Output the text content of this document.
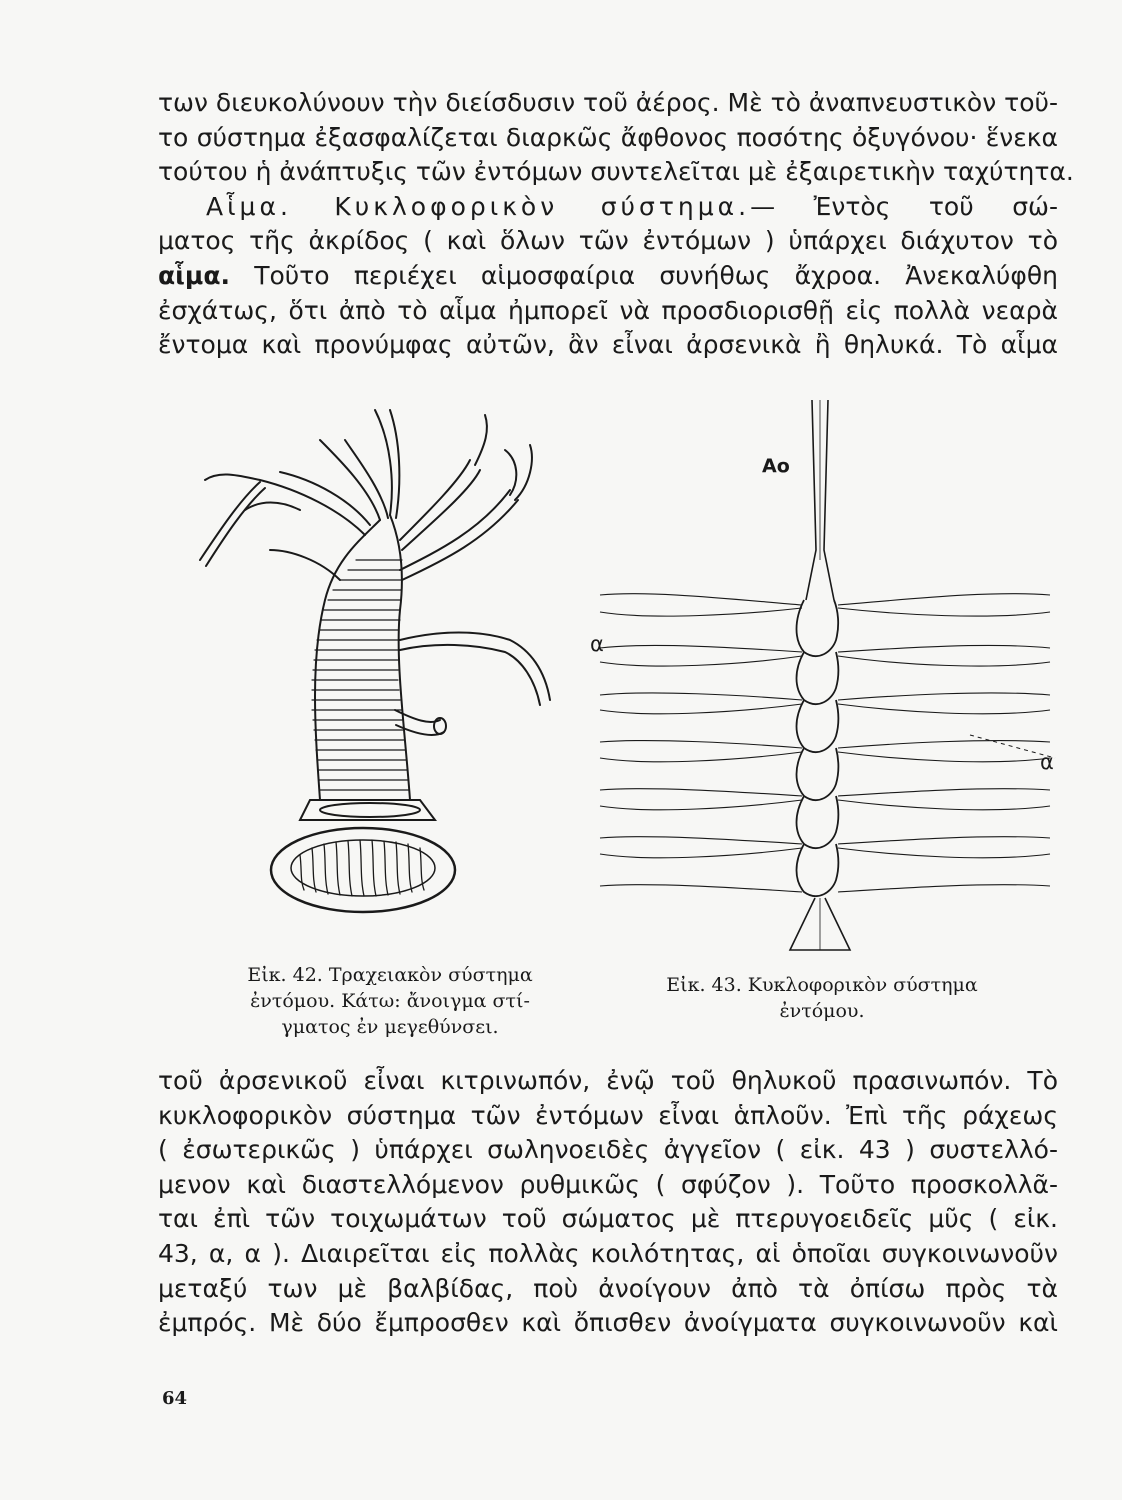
των διευκολύνουν τὴν διείσδυσιν τοῦ ἀέρος. Μὲ τὸ ἀναπνευστικὸν τοῦ-
το σύστημα ἐξασφαλίζεται διαρκῶς ἄφθονος ποσότης ὀξυγόνου· ἕνεκα
τούτου ἡ ἀνάπτυξις τῶν ἐντόμων συντελεῖται μὲ ἐξαιρετικὴν ταχύτητα.
Αἷμα. Κυκλοφορικὸν σύστημα.— Ἐντὸς τοῦ σώ-
ματος τῆς ἀκρίδος ( καὶ ὅλων τῶν ἐντόμων ) ὑπάρχει διάχυτον τὸ
αἷμα. Τοῦτο περιέχει αἱμοσφαίρια συνήθως ἄχροα. Ἀνεκαλύφθη
ἐσχάτως, ὅτι ἀπὸ τὸ αἷμα ἠμπορεῖ νὰ προσδιορισθῇ εἰς πολλὰ νεαρὰ
ἔντομα καὶ προνύμφας αὐτῶν, ἂν εἶναι ἀρσενικὰ ἢ θηλυκά. Τὸ αἷμα
Εἰκ. 42. Τραχειακὸν σύστημα
ἐντόμου. Κάτω: ἄνοιγμα στί-
γματος ἐν μεγεθύνσει.
Αο
α
α
Εἰκ. 43. Κυκλοφορικὸν σύστημα
ἐντόμου.
τοῦ ἀρσενικοῦ εἶναι κιτρινωπόν, ἐνῷ τοῦ θηλυκοῦ πρασινωπόν. Τὸ
κυκλοφορικὸν σύστημα τῶν ἐντόμων εἶναι ἁπλοῦν. Ἐπὶ τῆς ράχεως
( ἐσωτερικῶς ) ὑπάρχει σωληνοειδὲς ἀγγεῖον ( εἰκ. 43 ) συστελλό-
μενον καὶ διαστελλόμενον ρυθμικῶς ( σφύζον ). Τοῦτο προσκολλᾶ-
ται ἐπὶ τῶν τοιχωμάτων τοῦ σώματος μὲ πτερυγοειδεῖς μῦς ( εἰκ.
43, α, α ). Διαιρεῖται εἰς πολλὰς κοιλότητας, αἱ ὁποῖαι συγκοινωνοῦν
μεταξύ των μὲ βαλβίδας, ποὺ ἀνοίγουν ἀπὸ τὰ ὀπίσω πρὸς τὰ
ἐμπρός. Μὲ δύο ἔμπροσθεν καὶ ὄπισθεν ἀνοίγματα συγκοινωνοῦν καὶ
64
